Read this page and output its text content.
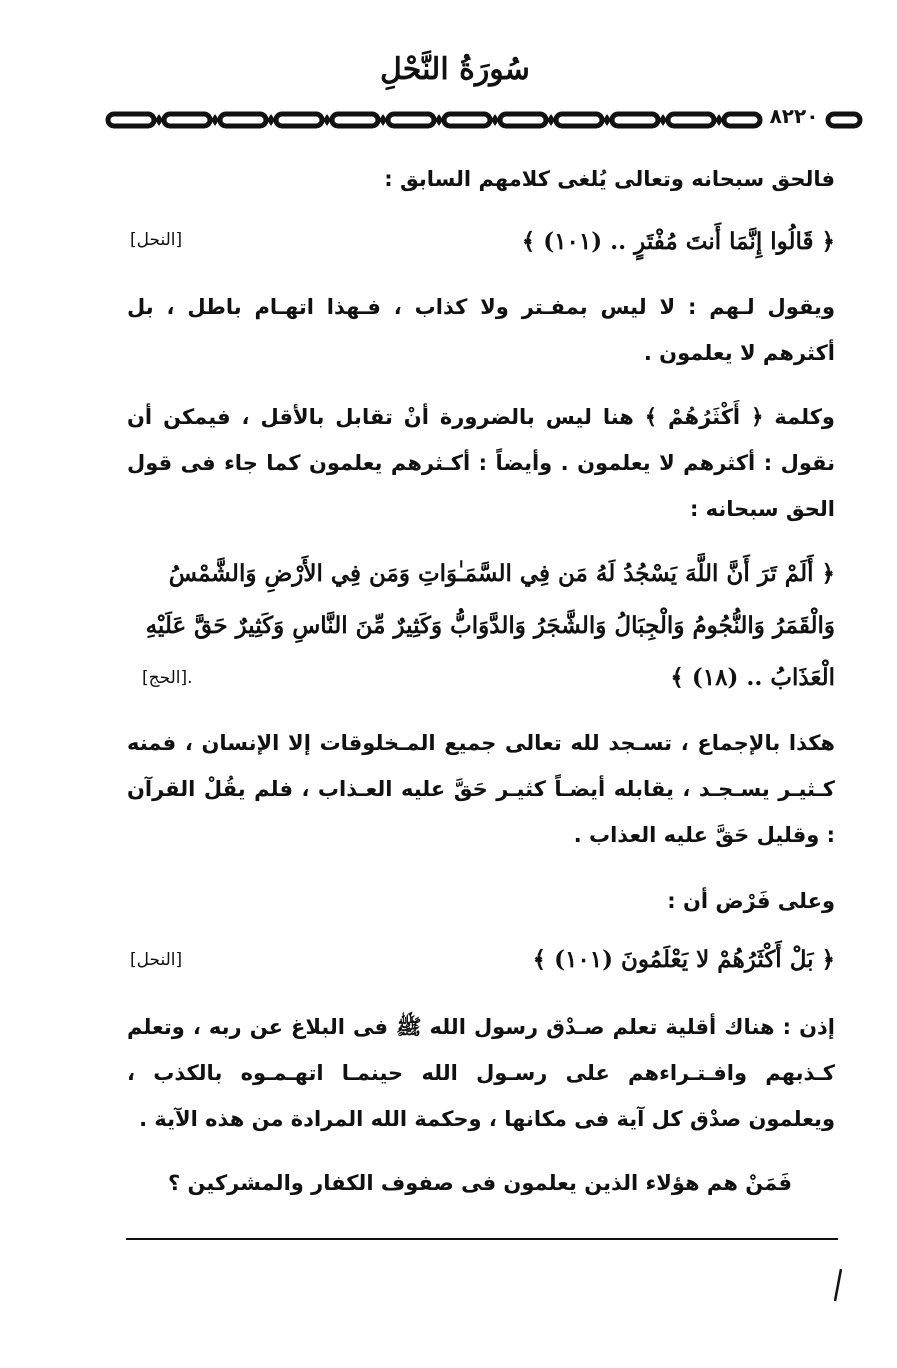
سُورَةُ النَّحْلِ
٨٢٢٠
فالحق سبحانه وتعالى يُلغى كلامهم السابق :
﴿ قَالُوا إِنَّمَا أَنتَ مُفْتَرٍ .. (١٠١) ﴾
[النحل]
ويقول لـهم : لا ليس بمفـتر ولا كذاب ، فـهذا اتهـام باطل ، بل أكثرهم لا يعلمون .
وكلمة ﴿ أَكْثَرُهُمْ ﴾ هنا ليس بالضرورة أنْ تقابل بالأقل ، فيمكن أن نقول : أكثرهم لا يعلمون . وأيضاً : أكـثرهم يعلمون كما جاء فى قول الحق سبحانه :
﴿ أَلَمْ تَرَ أَنَّ اللَّهَ يَسْجُدُ لَهُ مَن فِي السَّمَـٰوَاتِ وَمَن فِي الأَرْضِ وَالشَّمْسُ
وَالْقَمَرُ وَالنُّجُومُ وَالْجِبَالُ وَالشَّجَرُ وَالدَّوَابُّ وَكَثِيرٌ مِّنَ النَّاسِ وَكَثِيرٌ حَقَّ عَلَيْهِ
الْعَذَابُ .. (١٨) ﴾
.[الحج]
هكذا بالإجماع ، تسـجد لله تعالى جميع المـخلوقات إلا الإنسان ، فمنه كـثيـر يسـجـد ، يقابله أيضـاً كثيـر حَقَّ عليه العـذاب ، فلم يقُلْ القرآن : وقليل حَقَّ عليه العذاب .
وعلى فَرْض أن :
﴿ بَلْ أَكْثَرُهُمْ لا يَعْلَمُونَ (١٠١) ﴾
[النحل]
إذن : هناك أقلية تعلم صـدْق رسول الله ﷺ فى البلاغ عن ربه ، وتعلم كـذبهم وافـتـراءهم على رسـول الله حينمـا اتهـمـوه بالكذب ، ويعلمون صدْق كل آية فى مكانها ، وحكمة الله المرادة من هذه الآية .
فَمَنْ هم هؤلاء الذين يعلمون فى صفوف الكفار والمشركين ؟
